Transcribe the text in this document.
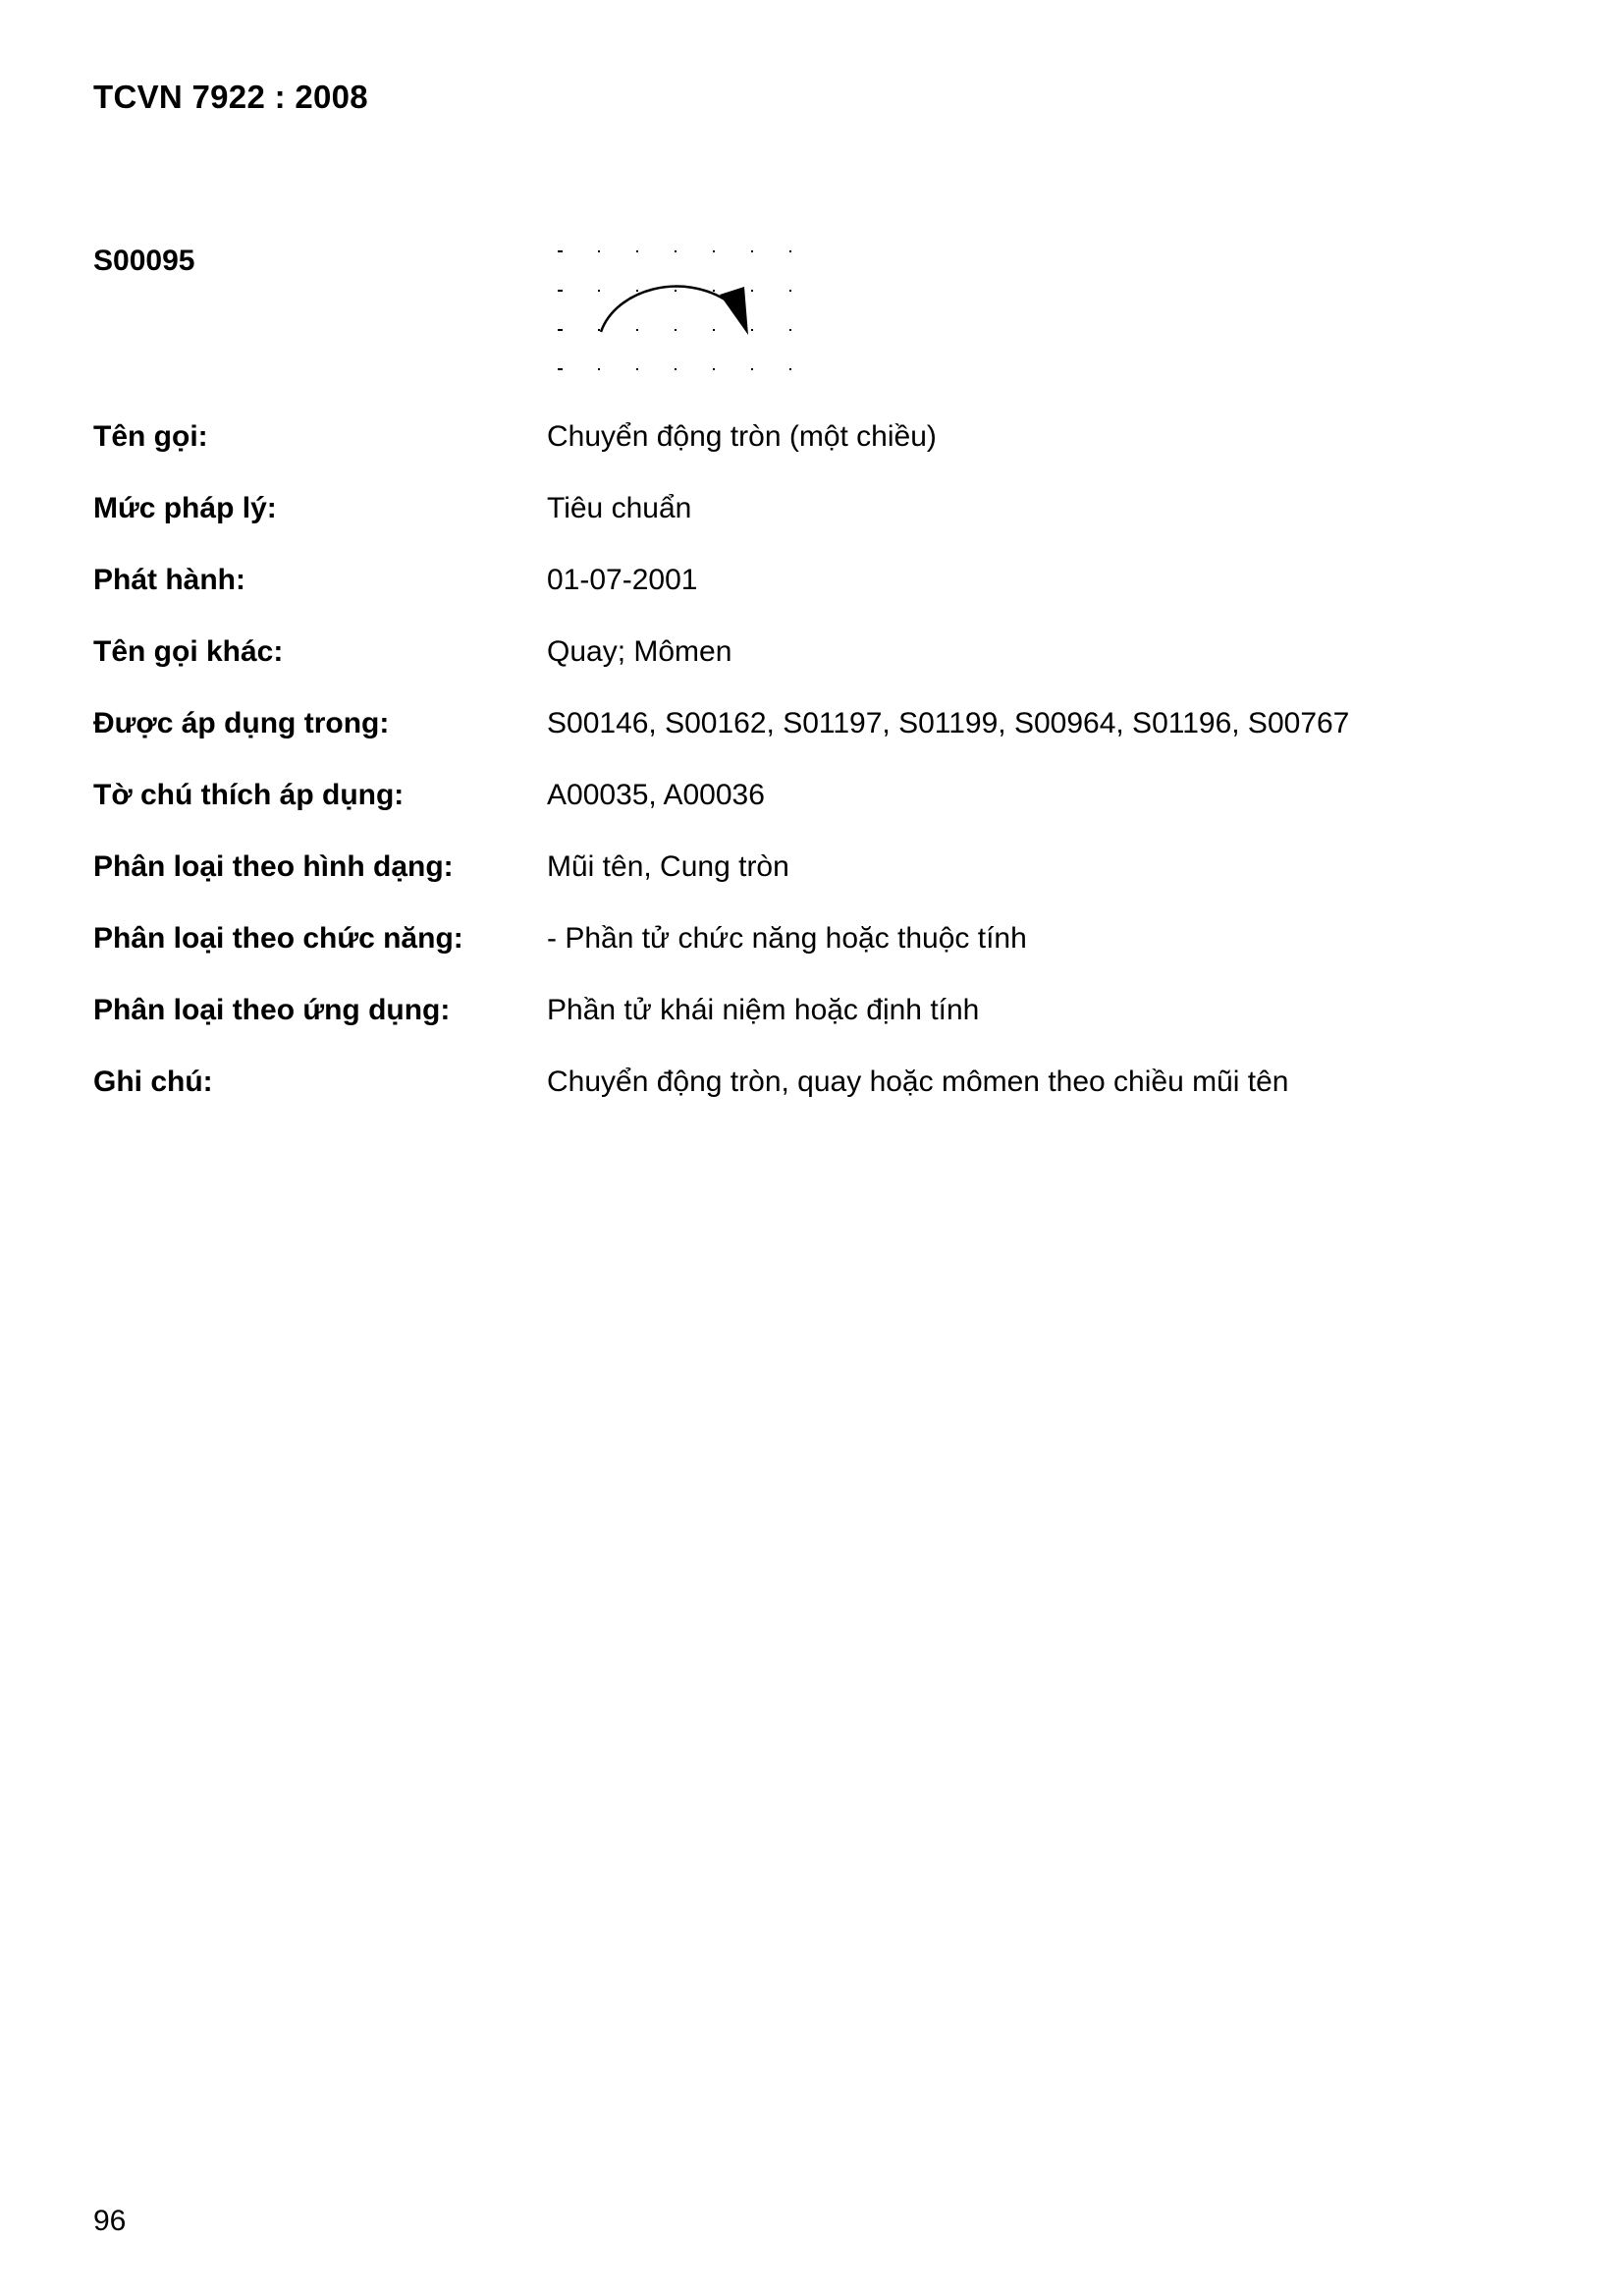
TCVN 7922 : 2008
S00095
Tên gọi:	Chuyển động tròn (một chiều)
Mức pháp lý:	Tiêu chuẩn
Phát hành:	01-07-2001
Tên gọi khác:	Quay; Mômen
Được áp dụng trong:	S00146, S00162, S01197, S01199, S00964, S01196, S00767
Tờ chú thích áp dụng:	A00035, A00036
Phân loại theo hình dạng:	Mũi tên, Cung tròn
Phân loại theo chức năng:	- Phần tử chức năng hoặc thuộc tính
Phân loại theo ứng dụng:	Phần tử khái niệm hoặc định tính
Ghi chú:	Chuyển động tròn, quay hoặc mômen theo chiều mũi tên
96
